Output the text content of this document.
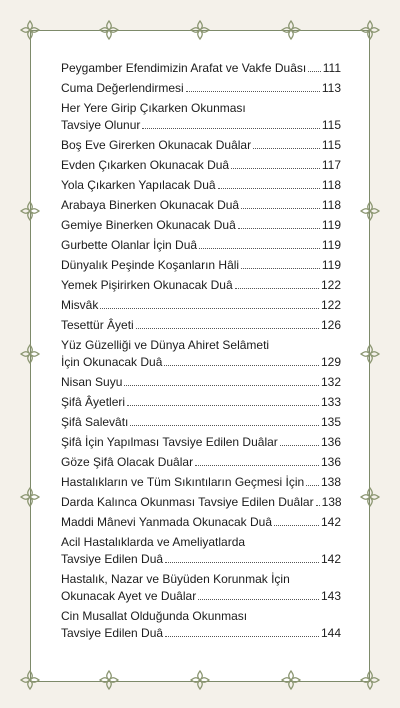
Peygamber Efendimizin Arafat ve Vakfe Duâsı 111
Cuma Değerlendirmesi	113
Her Yere Girip Çıkarken Okunması
Tavsiye Olunur	115
Boş Eve Girerken Okunacak Duâlar	115
Evden Çıkarken Okunacak Duâ	117
Yola Çıkarken Yapılacak Duâ	118
Arabaya Binerken Okunacak Duâ	118
Gemiye Binerken Okunacak Duâ	119
Gurbette Olanlar İçin Duâ	119
Dünyalık Peşinde Koşanların Hâli	119
Yemek Pişirirken Okunacak Duâ	122
Misvâk	122
Tesettür Âyeti	126
Yüz Güzelliği ve Dünya Ahiret Selâmeti
İçin Okunacak Duâ	129
Nisan Suyu	132
Şifâ Âyetleri	133
Şifâ Salevâtı	135
Şifâ İçin Yapılması Tavsiye Edilen Duâlar	136
Göze Şifâ Olacak Duâlar	136
Hastalıkların ve Tüm Sıkıntıların Geçmesi İçin 138
Darda Kalınca Okunması Tavsiye Edilen Duâlar 138
Maddi Mânevi Yanmada Okunacak Duâ	142
Acil Hastalıklarda ve Ameliyatlarda
Tavsiye Edilen Duâ	142
Hastalık, Nazar ve Büyüden Korunmak İçin
Okunacak Ayet ve Duâlar	143
Cin Musallat Olduğunda Okunması
Tavsiye Edilen Duâ	144
